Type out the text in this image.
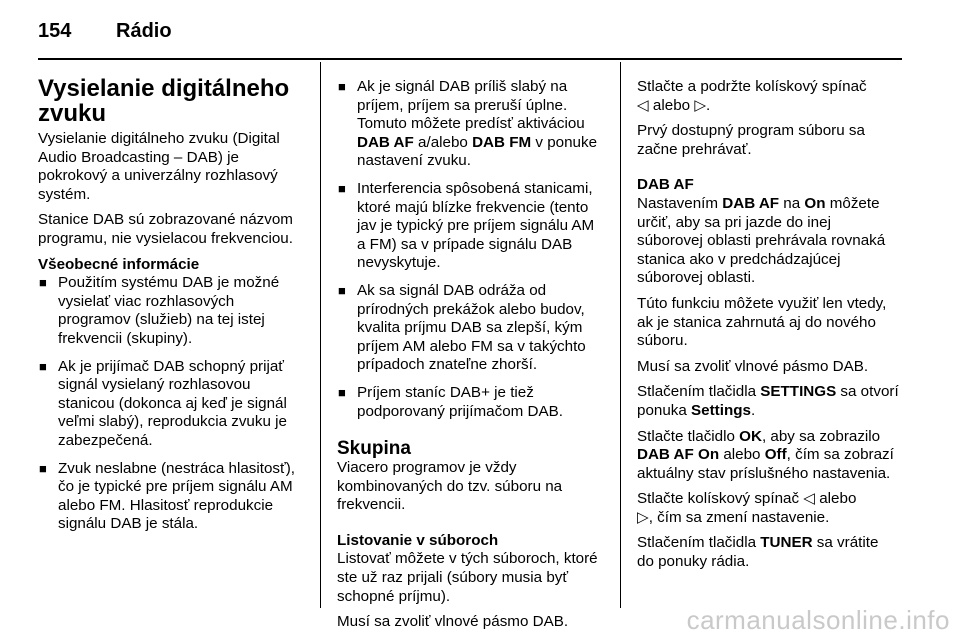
154 Rádio
Vysielanie digitálneho zvuku

Vysielanie digitálneho zvuku (Digital Audio Broadcasting – DAB) je pokrokový a univerzálny rozhlasový systém.

Stanice DAB sú zobrazované názvom programu, nie vysielacou frekvenciou.

Všeobecné informácie
■ Použitím systému DAB je možné vysielať viac rozhlasových programov (služieb) na tej istej frekvencii (skupiny).
■ Ak je prijímač DAB schopný prijať signál vysielaný rozhlasovou stanicou (dokonca aj keď je signál veľmi slabý), reprodukcia zvuku je zabezpečená.
■ Zvuk neslabne (nestráca hlasitosť), čo je typické pre príjem signálu AM alebo FM. Hlasitosť reprodukcie signálu DAB je stála.
■ Ak je signál DAB príliš slabý na príjem, príjem sa preruší úplne. Tomuto môžete predísť aktiváciou DAB AF a/alebo DAB FM v ponuke nastavení zvuku.
■ Interferencia spôsobená stanicami, ktoré majú blízke frekvencie (tento jav je typický pre príjem signálu AM a FM) sa v prípade signálu DAB nevyskytuje.
■ Ak sa signál DAB odráža od prírodných prekážok alebo budov, kvalita príjmu DAB sa zlepší, kým príjem AM alebo FM sa v takýchto prípadoch znateľne zhorší.
■ Príjem staníc DAB+ je tiež podporovaný prijímačom DAB.
Skupina

Viacero programov je vždy kombinovaných do tzv. súboru na frekvencii.

Listovanie v súboroch

Listovať môžete v tých súboroch, ktoré ste už raz prijali (súbory musia byť schopné príjmu).

Musí sa zvoliť vlnové pásmo DAB.

Stlačte a podržte kolískový spínač
◁ alebo ▷.

Prvý dostupný program súboru sa začne prehrávať.

DAB AF

Nastavením DAB AF na On môžete určiť, aby sa pri jazde do inej súborovej oblasti prehrávala rovnaká stanica ako v predchádzajúcej súborovej oblasti.

Túto funkciu môžete využiť len vtedy, ak je stanica zahrnutá aj do nového súboru.

Musí sa zvoliť vlnové pásmo DAB.

Stlačením tlačidla SETTINGS sa otvorí ponuka Settings.

Stlačte tlačidlo OK, aby sa zobrazilo DAB AF On alebo Off, čím sa zobrazí aktuálny stav príslušného nastavenia.

Stlačte kolískový spínač ◁ alebo
▷, čím sa zmení nastavenie.

Stlačením tlačidla TUNER sa vrátite do ponuky rádia.

carmanualsonline.info
